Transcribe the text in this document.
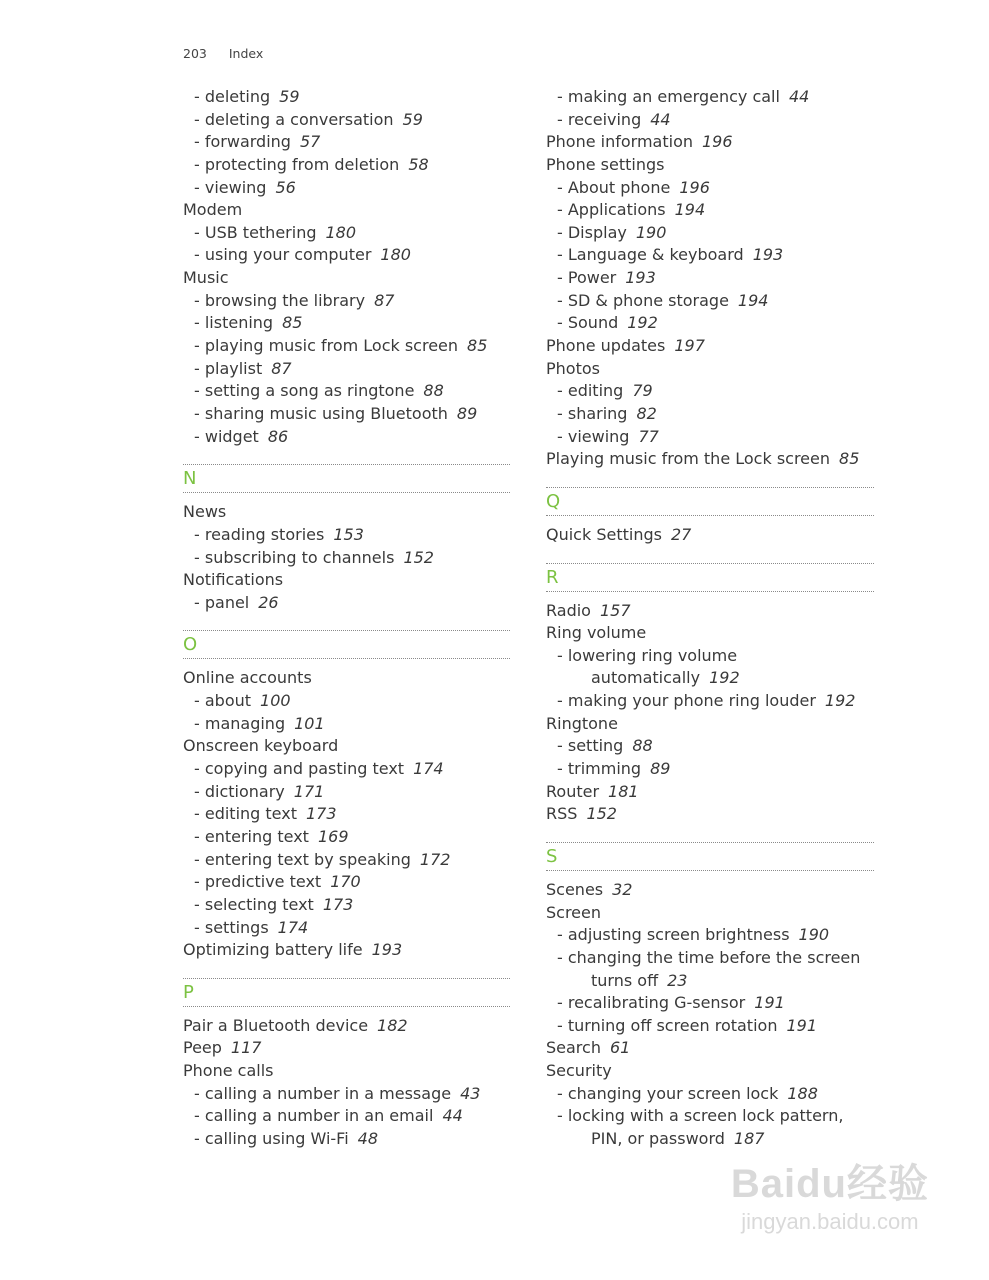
203 Index
- deleting 59
- deleting a conversation 59
- forwarding 57
- protecting from deletion 58
- viewing 56
Modem
- USB tethering 180
- using your computer 180
Music
- browsing the library 87
- listening 85
- playing music from Lock screen 85
- playlist 87
- setting a song as ringtone 88
- sharing music using Bluetooth 89
- widget 86
N
News
- reading stories 153
- subscribing to channels 152
Notifications
- panel 26
O
Online accounts
- about 100
- managing 101
Onscreen keyboard
- copying and pasting text 174
- dictionary 171
- editing text 173
- entering text 169
- entering text by speaking 172
- predictive text 170
- selecting text 173
- settings 174
Optimizing battery life 193
P
Pair a Bluetooth device 182
Peep 117
Phone calls
- calling a number in a message 43
- calling a number in an email 44
- calling using Wi-Fi 48
- making an emergency call 44
- receiving 44
Phone information 196
Phone settings
- About phone 196
- Applications 194
- Display 190
- Language & keyboard 193
- Power 193
- SD & phone storage 194
- Sound 192
Phone updates 197
Photos
- editing 79
- sharing 82
- viewing 77
Playing music from the Lock screen 85
Q
Quick Settings 27
R
Radio 157
Ring volume
- lowering ring volume
automatically 192
- making your phone ring louder 192
Ringtone
- setting 88
- trimming 89
Router 181
RSS 152
S
Scenes 32
Screen
- adjusting screen brightness 190
- changing the time before the screen
turns off 23
- recalibrating G-sensor 191
- turning off screen rotation 191
Search 61
Security
- changing your screen lock 188
- locking with a screen lock pattern,
PIN, or password 187
Baidu经验
jingyan.baidu.com
